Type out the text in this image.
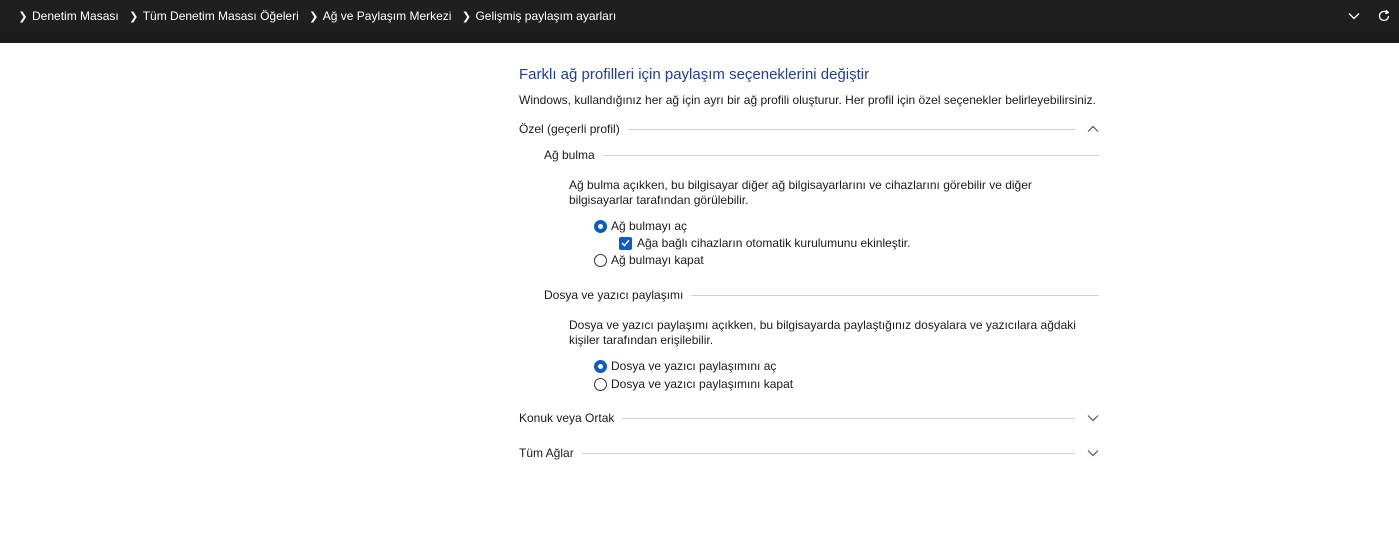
❯ Denetim Masası ❯ Tüm Denetim Masası Öğeleri ❯ Ağ ve Paylaşım Merkezi ❯ Gelişmiş paylaşım ayarları
Farklı ağ profilleri için paylaşım seçeneklerini değiştir
Windows, kullandığınız her ağ için ayrı bir ağ profili oluşturur. Her profil için özel seçenekler belirleyebilirsiniz.
Özel (geçerli profil)
Ağ bulma
Ağ bulma açıkken, bu bilgisayar diğer ağ bilgisayarlarını ve cihazlarını görebilir ve diğer bilgisayarlar tarafından görülebilir.
Ağ bulmayı aç
Ağa bağlı cihazların otomatik kurulumunu ekinleştir.
Ağ bulmayı kapat
Dosya ve yazıcı paylaşımı
Dosya ve yazıcı paylaşımı açıkken, bu bilgisayarda paylaştığınız dosyalara ve yazıcılara ağdaki kişiler tarafından erişilebilir.
Dosya ve yazıcı paylaşımını aç
Dosya ve yazıcı paylaşımını kapat
Konuk veya Ortak
Tüm Ağlar
